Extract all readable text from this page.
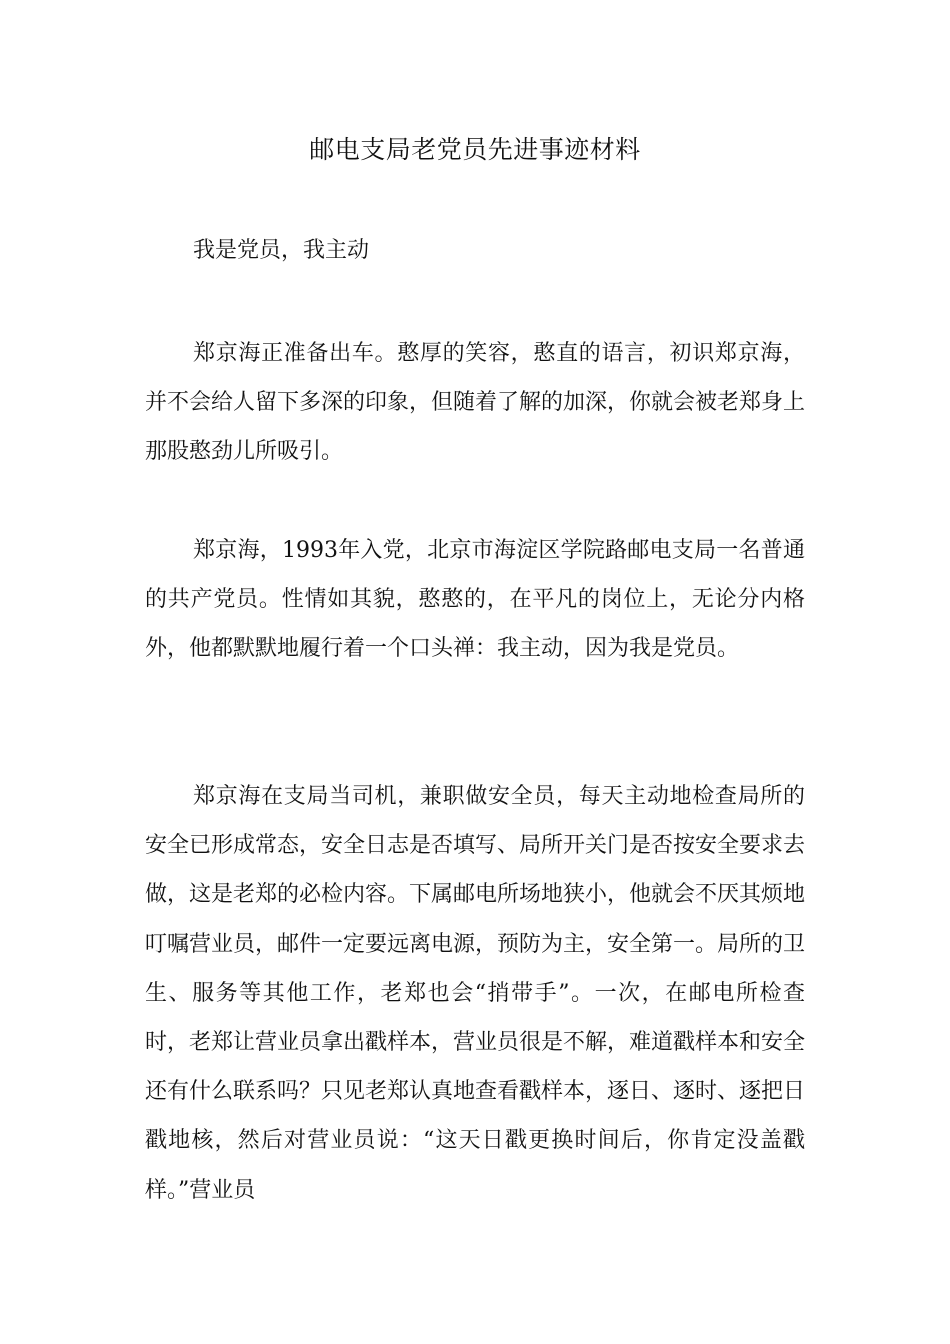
邮电支局老党员先进事迹材料

我是党员，我主动

郑京海正准备出车。憨厚的笑容，憨直的语言，初识郑京海，并不会给人留下多深的印象，但随着了解的加深，你就会被老郑身上那股憨劲儿所吸引。

郑京海，1993年入党，北京市海淀区学院路邮电支局一名普通的共产党员。性情如其貌，憨憨的，在平凡的岗位上，无论分内格外，他都默默地履行着一个口头禅：我主动，因为我是党员。

郑京海在支局当司机，兼职做安全员，每天主动地检查局所的安全已形成常态，安全日志是否填写、局所开关门是否按安全要求去做，这是老郑的必检内容。下属邮电所场地狭小，他就会不厌其烦地叮嘱营业员，邮件一定要远离电源，预防为主，安全第一。局所的卫生、服务等其他工作，老郑也会“捎带手”。一次，在邮电所检查时，老郑让营业员拿出戳样本，营业员很是不解，难道戳样本和安全还有什么联系吗？只见老郑认真地查看戳样本，逐日、逐时、逐把日戳地核，然后对营业员说：“这天日戳更换时间后，你肯定没盖戳样。”营业员
